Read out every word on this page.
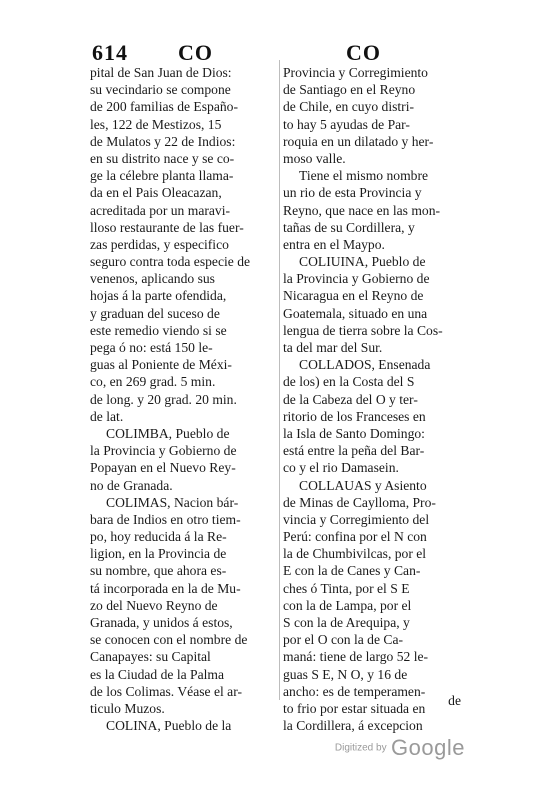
614 CO	CO
pital de San Juan de Dios:
su vecindario se compone
de 200 familias de Españo-
les, 122 de Mestizos, 15
de Mulatos y 22 de Indios:
en su distrito nace y se co-
ge la célebre planta llama-
da en el Pais Oleacazan,
acreditada por un maravi-
lloso restaurante de las fuer-
zas perdidas, y especifico
seguro contra toda especie de
venenos, aplicando sus
hojas á la parte ofendida,
y graduan del suceso de
este remedio viendo si se
pega ó no: está 150 le-
guas al Poniente de Méxi-
co, en 269 grad. 5 min.
de long. y 20 grad. 20 min.
de lat.
COLIMBA, Pueblo de
la Provincia y Gobierno de
Popayan en el Nuevo Rey-
no de Granada.
COLIMAS, Nacion bár-
bara de Indios en otro tiem-
po, hoy reducida á la Re-
ligion, en la Provincia de
su nombre, que ahora es-
tá incorporada en la de Mu-
zo del Nuevo Reyno de
Granada, y unidos á estos,
se conocen con el nombre de
Canapayes: su Capital
es la Ciudad de la Palma
de los Colimas. Véase el ar-
ticulo Muzos.
COLINA, Pueblo de la
Provincia y Corregimiento
de Santiago en el Reyno
de Chile, en cuyo distri-
to hay 5 ayudas de Par-
roquia en un dilatado y her-
moso valle.
Tiene el mismo nombre
un rio de esta Provincia y
Reyno, que nace en las mon-
tañas de su Cordillera, y
entra en el Maypo.
COLIUINA, Pueblo de
la Provincia y Gobierno de
Nicaragua en el Reyno de
Goatemala, situado en una
lengua de tierra sobre la Cos-
ta del mar del Sur.
COLLADOS, Ensenada
de los) en la Costa del S
de la Cabeza del O y ter-
ritorio de los Franceses en
la Isla de Santo Domingo:
está entre la peña del Bar-
co y el rio Damasein.
COLLAUAS y Asiento
de Minas de Caylloma, Pro-
vincia y Corregimiento del
Perú: confina por el N con
la de Chumbivilcas, por el
E con la de Canes y Can-
ches ó Tinta, por el S E
con la de Lampa, por el
S con la de Arequipa, y
por el O con la de Ca-
maná: tiene de largo 52 le-
guas S E, N O, y 16 de
ancho: es de temperamen-
to frio por estar situada en
la Cordillera, á excepcion
de
Digitized by Google
